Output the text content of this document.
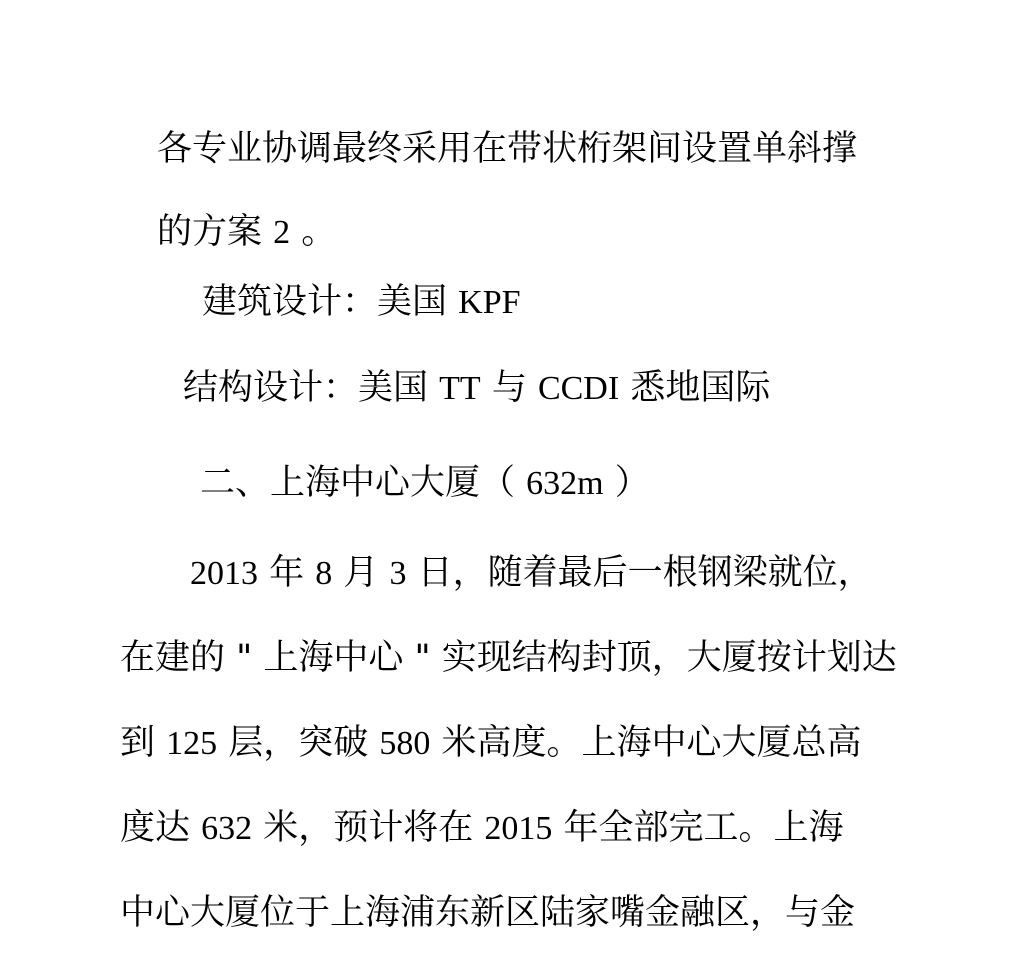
各专业协调最终采用在带状桁架间设置单斜撑
的方案 2 。
建筑设计：美国 KPF
结构设计：美国 TT 与 CCDI 悉地国际
二、上海中心大厦（ 632m ）
2013 年 8 月 3 日，随着最后一根钢梁就位，
在建的 " 上海中心 " 实现结构封顶，大厦按计划达
到 125 层，突破 580 米高度。上海中心大厦总高
度达 632 米，预计将在 2015 年全部完工。上海
中心大厦位于上海浦东新区陆家嘴金融区，与金
